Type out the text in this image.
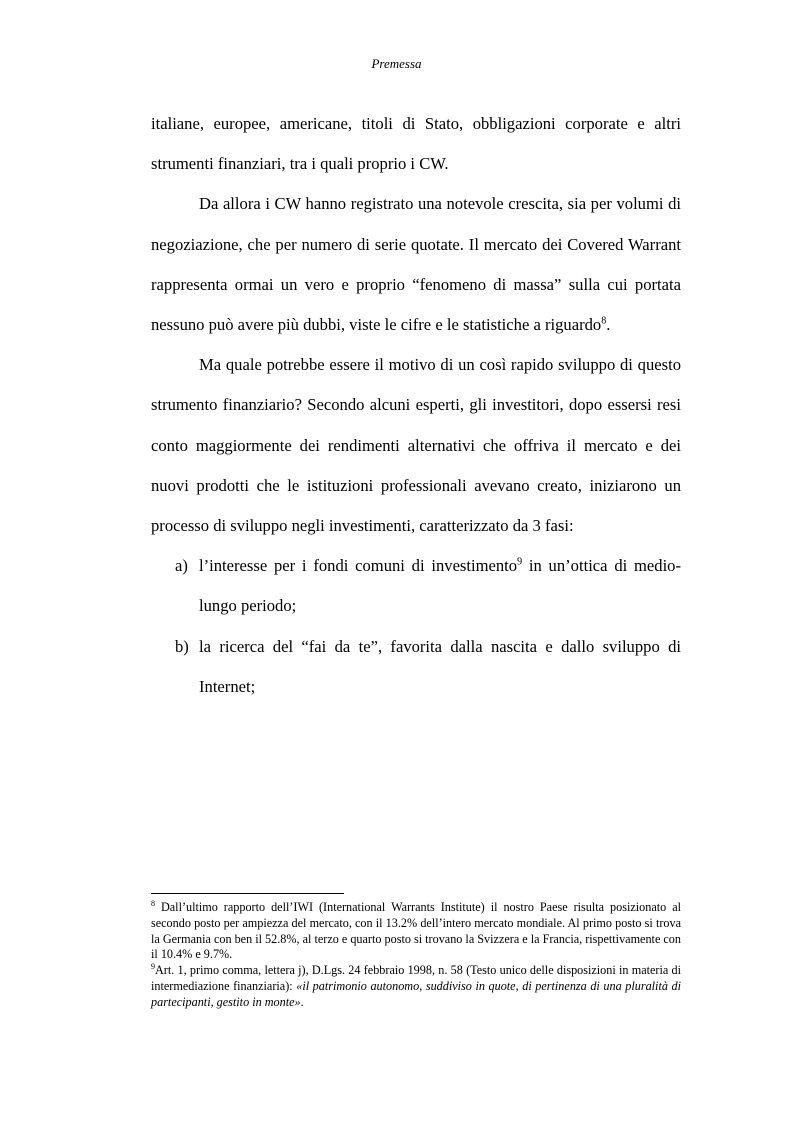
Premessa

italiane, europee, americane, titoli di Stato, obbligazioni corporate e altri strumenti finanziari, tra i quali proprio i CW.

Da allora i CW hanno registrato una notevole crescita, sia per volumi di negoziazione, che per numero di serie quotate. Il mercato dei Covered Warrant rappresenta ormai un vero e proprio “fenomeno di massa” sulla cui portata nessuno può avere più dubbi, viste le cifre e le statistiche a riguardo$^8$.

Ma quale potrebbe essere il motivo di un così rapido sviluppo di questo strumento finanziario? Secondo alcuni esperti, gli investitori, dopo essersi resi conto maggiormente dei rendimenti alternativi che offriva il mercato e dei nuovi prodotti che le istituzioni professionali avevano creato, iniziarono un processo di sviluppo negli investimenti, caratterizzato da 3 fasi:

a) l’interesse per i fondi comuni di investimento$^9$ in un’ottica di medio-lungo periodo;
b) la ricerca del “fai da te”, favorita dalla nascita e dallo sviluppo di Internet;

$^8$ Dall’ultimo rapporto dell’IWI (International Warrants Institute) il nostro Paese risulta posizionato al secondo posto per ampiezza del mercato, con il 13.2% dell’intero mercato mondiale. Al primo posto si trova la Germania con ben il 52.8%, al terzo e quarto posto si trovano la Svizzera e la Francia, rispettivamente con il 10.4% e 9.7%.

$^9$Art. 1, primo comma, lettera j), D.Lgs. 24 febbraio 1998, n. 58 (Testo unico delle disposizioni in materia di intermediazione finanziaria): «il patrimonio autonomo, suddiviso in quote, di pertinenza di una pluralità di partecipanti, gestito in monte».
